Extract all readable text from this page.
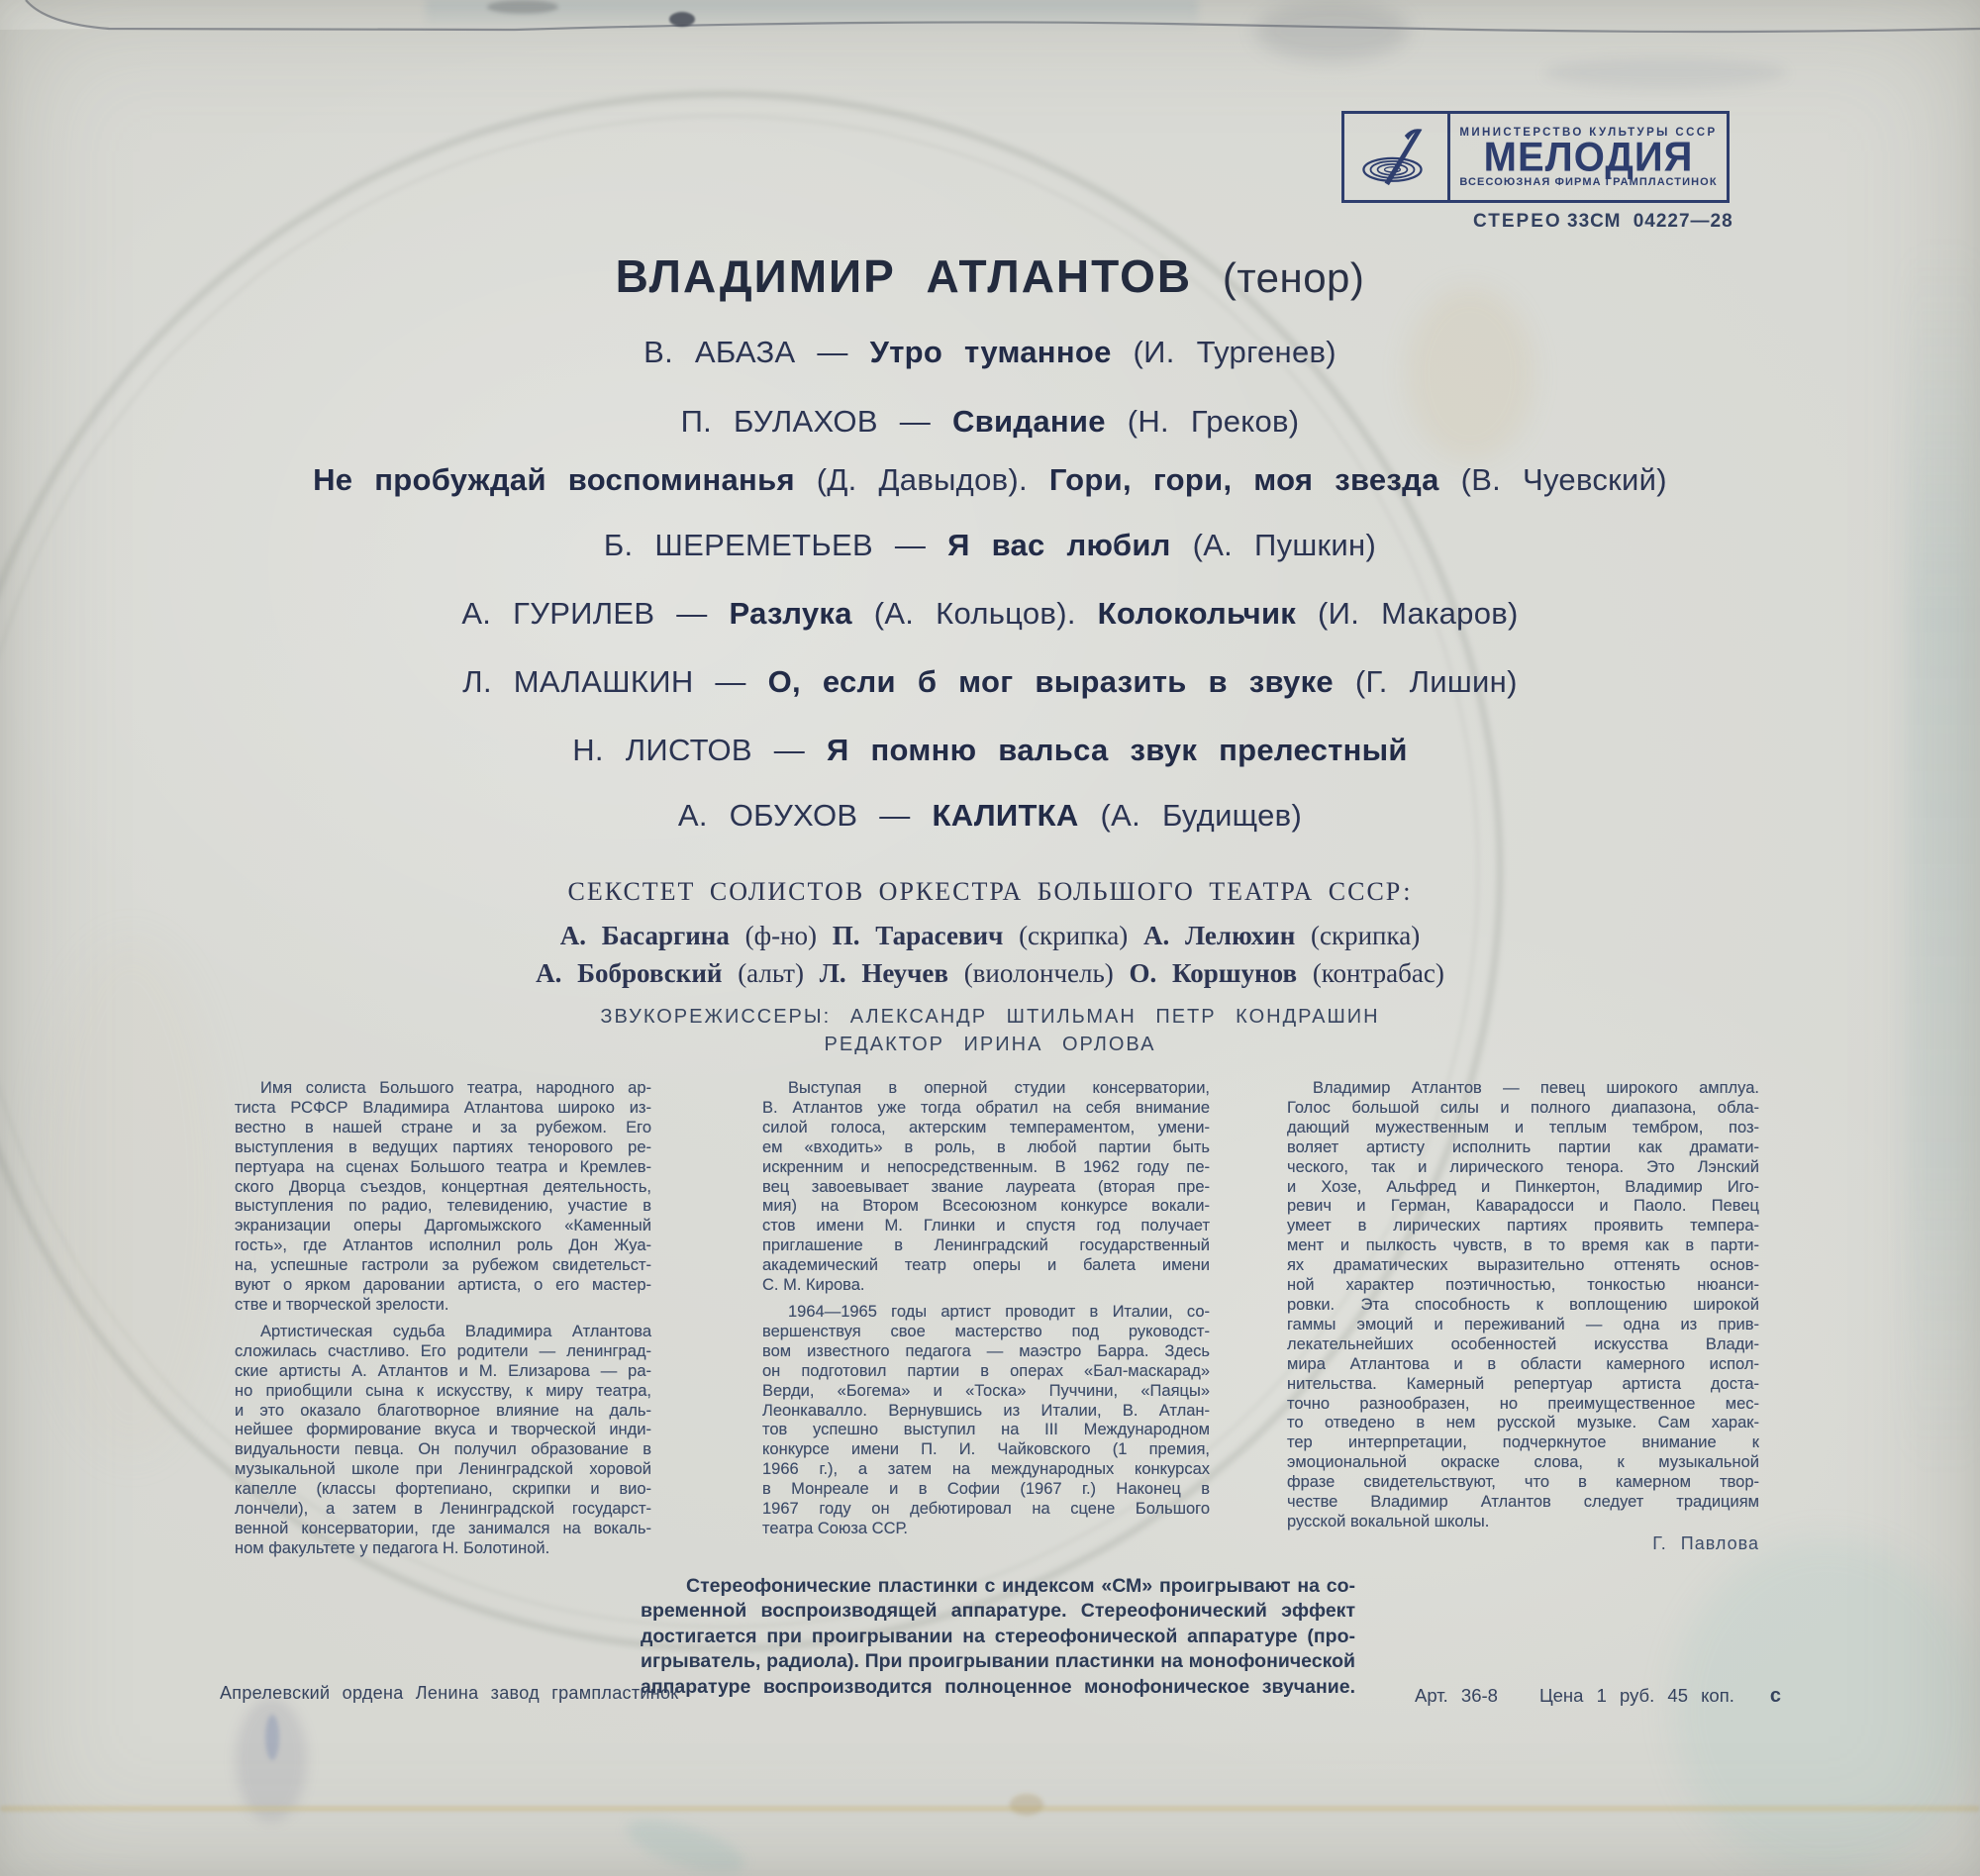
МИНИСТЕРСТВО КУЛЬТУРЫ СССР
МЕЛОДИЯ
ВСЕСОЮЗНАЯ ФИРМА ГРАМПЛАСТИНОК
СТЕРЕО 33СМ 04227—28
ВЛАДИМИР АТЛАНТОВ (тенор)
В. АБАЗА — Утро туманное (И. Тургенев)
П. БУЛАХОВ — Свидание (Н. Греков)
Не пробуждай воспоминанья (Д. Давыдов). Гори, гори, моя звезда (В. Чуевский)
Б. ШЕРЕМЕТЬЕВ — Я вас любил (А. Пушкин)
А. ГУРИЛЕВ — Разлука (А. Кольцов). Колокольчик (И. Макаров)
Л. МАЛАШКИН — О, если б мог выразить в звуке (Г. Лишин)
Н. ЛИСТОВ — Я помню вальса звук прелестный
А. ОБУХОВ — КАЛИТКА (А. Будищев)
СЕКСТЕТ СОЛИСТОВ ОРКЕСТРА БОЛЬШОГО ТЕАТРА СССР:
А. Басаргина (ф-но) П. Тарасевич (скрипка) А. Лелюхин (скрипка)
А. Бобровский (альт) Л. Неучев (виолончель) О. Коршунов (контрабас)
ЗВУКОРЕЖИССЕРЫ: АЛЕКСАНДР ШТИЛЬМАН ПЕТР КОНДРАШИН
РЕДАКТОР ИРИНА ОРЛОВА
Имя солиста Большого театра, народного ар-
тиста РСФСР Владимира Атлантова широко из-
вестно в нашей стране и за рубежом. Его
выступления в ведущих партиях тенорового ре-
пертуара на сценах Большого театра и Кремлев-
ского Дворца съездов, концертная деятельность,
выступления по радио, телевидению, участие в
экранизации оперы Даргомыжского «Каменный
гость», где Атлантов исполнил роль Дон Жуа-
на, успешные гастроли за рубежом свидетельст-
вуют о ярком даровании артиста, о его мастер-
стве и творческой зрелости.
Артистическая судьба Владимира Атлантова
сложилась счастливо. Его родители — ленинград-
ские артисты А. Атлантов и М. Елизарова — ра-
но приобщили сына к искусству, к миру театра,
и это оказало благотворное влияние на даль-
нейшее формирование вкуса и творческой инди-
видуальности певца. Он получил образование в
музыкальной школе при Ленинградской хоровой
капелле (классы фортепиано, скрипки и вио-
лончели), а затем в Ленинградской государст-
венной консерватории, где занимался на вокаль-
ном факультете у педагога Н. Болотиной.
Выступая в оперной студии консерватории,
В. Атлантов уже тогда обратил на себя внимание
силой голоса, актерским темпераментом, умени-
ем «входить» в роль, в любой партии быть
искренним и непосредственным. В 1962 году пе-
вец завоевывает звание лауреата (вторая пре-
мия) на Втором Всесоюзном конкурсе вокали-
стов имени М. Глинки и спустя год получает
приглашение в Ленинградский государственный
академический театр оперы и балета имени
С. М. Кирова.
1964—1965 годы артист проводит в Италии, со-
вершенствуя свое мастерство под руководст-
вом известного педагога — маэстро Барра. Здесь
он подготовил партии в операх «Бал-маскарад»
Верди, «Богема» и «Тоска» Пуччини, «Паяцы»
Леонкавалло. Вернувшись из Италии, В. Атлан-
тов успешно выступил на III Международном
конкурсе имени П. И. Чайковского (1 премия,
1966 г.), а затем на международных конкурсах
в Монреале и в Софии (1967 г.) Наконец в
1967 году он дебютировал на сцене Большого
театра Союза ССР.
Владимир Атлантов — певец широкого амплуа.
Голос большой силы и полного диапазона, обла-
дающий мужественным и теплым тембром, поз-
воляет артисту исполнить партии как драмати-
ческого, так и лирического тенора. Это Лэнский
и Хозе, Альфред и Пинкертон, Владимир Иго-
ревич и Герман, Каварадосси и Паоло. Певец
умеет в лирических партиях проявить темпера-
мент и пылкость чувств, в то время как в парти-
ях драматических выразительно оттенять основ-
ной характер поэтичностью, тонкостью нюанси-
ровки. Эта способность к воплощению широкой
гаммы эмоций и переживаний — одна из прив-
лекательнейших особенностей искусства Влади-
мира Атлантова и в области камерного испол-
нительства. Камерный репертуар артиста доста-
точно разнообразен, но преимущественное мес-
то отведено в нем русской музыке. Сам харак-
тер интерпретации, подчеркнутое внимание к
эмоциональной окраске слова, к музыкальной
фразе свидетельствуют, что в камерном твор-
честве Владимир Атлантов следует традициям
русской вокальной школы.
Г. Павлова
Стереофонические пластинки с индексом «СМ» проигрывают на со-
временной воспроизводящей аппаратуре. Стереофонический эффект
достигается при проигрывании на стереофонической аппаратуре (про-
игрыватель, радиола). При проигрывании пластинки на монофонической
аппаратуре воспроизводится полноценное монофоническое звучание.
Апрелевский ордена Ленина завод грампластинок	Арт. 36-8 Цена 1 руб. 45 коп. с
